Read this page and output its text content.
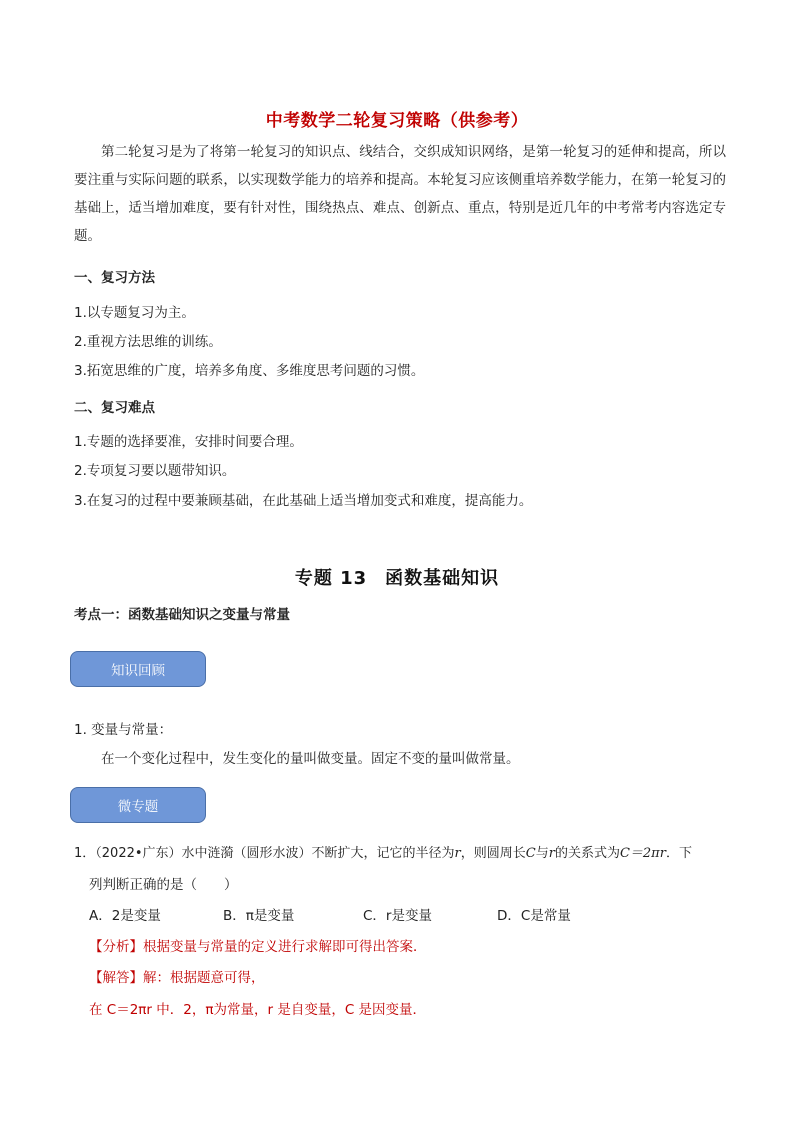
中考数学二轮复习策略（供参考）

第二轮复习是为了将第一轮复习的知识点、线结合，交织成知识网络，是第一轮复习的延伸和提高，所以要注重与实际问题的联系，以实现数学能力的培养和提高。本轮复习应该侧重培养数学能力，在第一轮复习的基础上，适当增加难度，要有针对性，围绕热点、难点、创新点、重点，特别是近几年的中考常考内容选定专题。

一、复习方法
1.以专题复习为主。
2.重视方法思维的训练。
3.拓宽思维的广度，培养多角度、多维度思考问题的习惯。
二、复习难点
1.专题的选择要准，安排时间要合理。
2.专项复习要以题带知识。
3.在复习的过程中要兼顾基础，在此基础上适当增加变式和难度，提高能力。
专题 13 函数基础知识
考点一：函数基础知识之变量与常量
知识回顾
1. 变量与常量：
在一个变化过程中，发生变化的量叫做变量。固定不变的量叫做常量。
微专题
1．（2022•广东）水中涟漪（圆形水波）不断扩大，记它的半径为r，则圆周长C与r的关系式为C＝2πr．下
列判断正确的是（　　）
A．2是变量	B．π是变量	C．r是变量	D．C是常量
【分析】根据变量与常量的定义进行求解即可得出答案．
【解答】解：根据题意可得，
在 C＝2πr 中．2，π为常量，r 是自变量，C 是因变量．
